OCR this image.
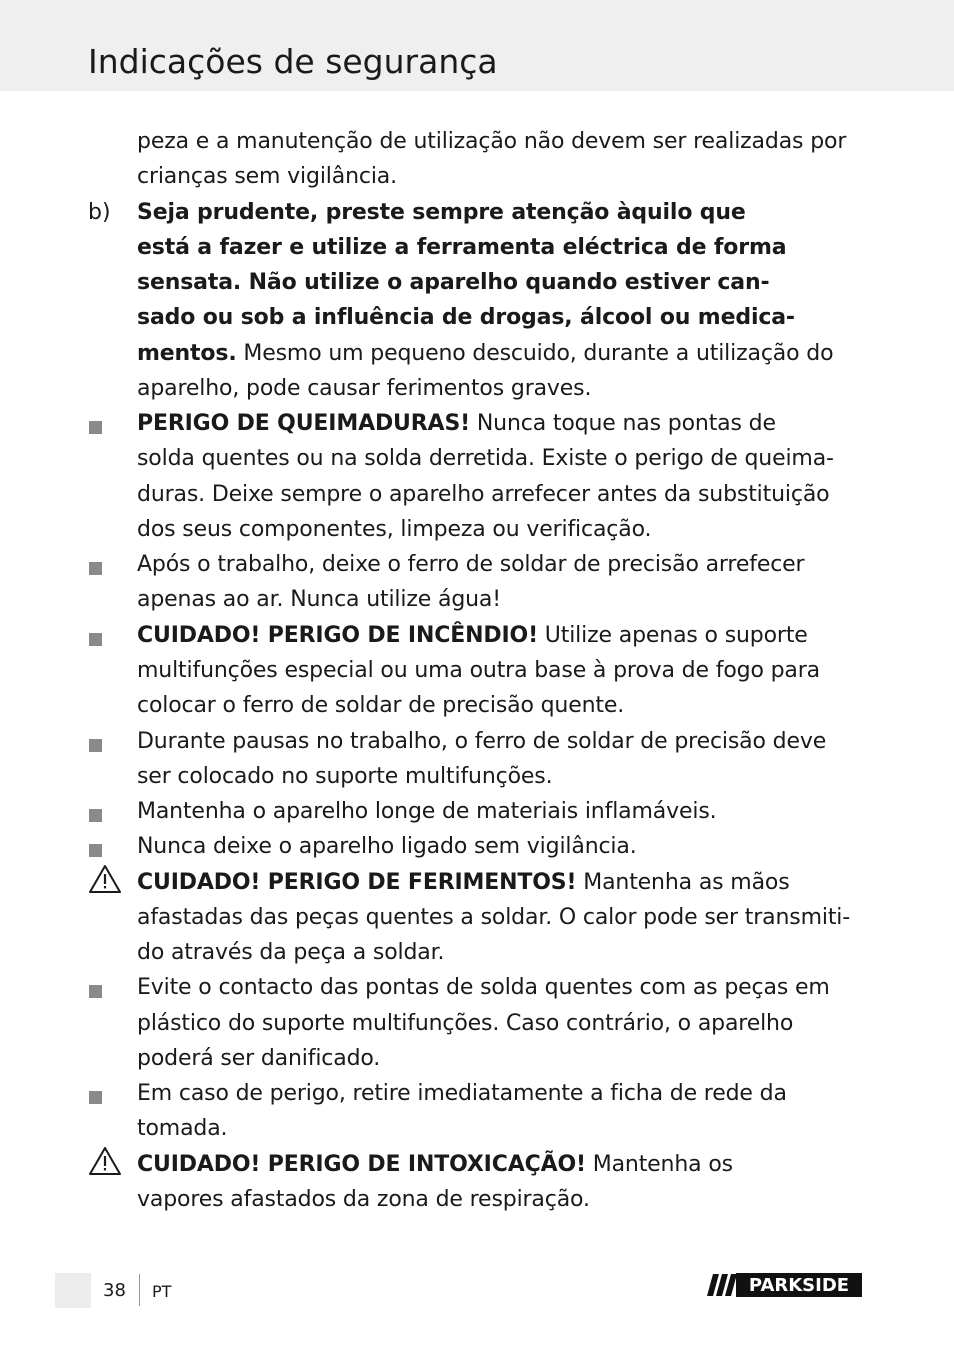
Indicações de segurança
peza e a manutenção de utilização não devem ser realizadas por
crianças sem vigilância.
b) Seja prudente, preste sempre atenção àquilo que
está a fazer e utilize a ferramenta eléctrica de forma
sensata. Não utilize o aparelho quando estiver can-
sado ou sob a influência de drogas, álcool ou medica-
mentos. Mesmo um pequeno descuido, durante a utilização do
aparelho, pode causar ferimentos graves.
PERIGO DE QUEIMADURAS! Nunca toque nas pontas de
solda quentes ou na solda derretida. Existe o perigo de queima-
duras. Deixe sempre o aparelho arrefecer antes da substituição
dos seus componentes, limpeza ou verificação.
Após o trabalho, deixe o ferro de soldar de precisão arrefecer
apenas ao ar. Nunca utilize água!
CUIDADO! PERIGO DE INCÊNDIO! Utilize apenas o suporte
multifunções especial ou uma outra base à prova de fogo para
colocar o ferro de soldar de precisão quente.
Durante pausas no trabalho, o ferro de soldar de precisão deve
ser colocado no suporte multifunções.
Mantenha o aparelho longe de materiais inflamáveis.
Nunca deixe o aparelho ligado sem vigilância.
CUIDADO! PERIGO DE FERIMENTOS! Mantenha as mãos
afastadas das peças quentes a soldar. O calor pode ser transmiti-
do através da peça a soldar.
Evite o contacto das pontas de solda quentes com as peças em
plástico do suporte multifunções. Caso contrário, o aparelho
poderá ser danificado.
Em caso de perigo, retire imediatamente a ficha de rede da
tomada.
CUIDADO! PERIGO DE INTOXICAÇÃO! Mantenha os
vapores afastados da zona de respiração.
38 PT	PARKSIDE
